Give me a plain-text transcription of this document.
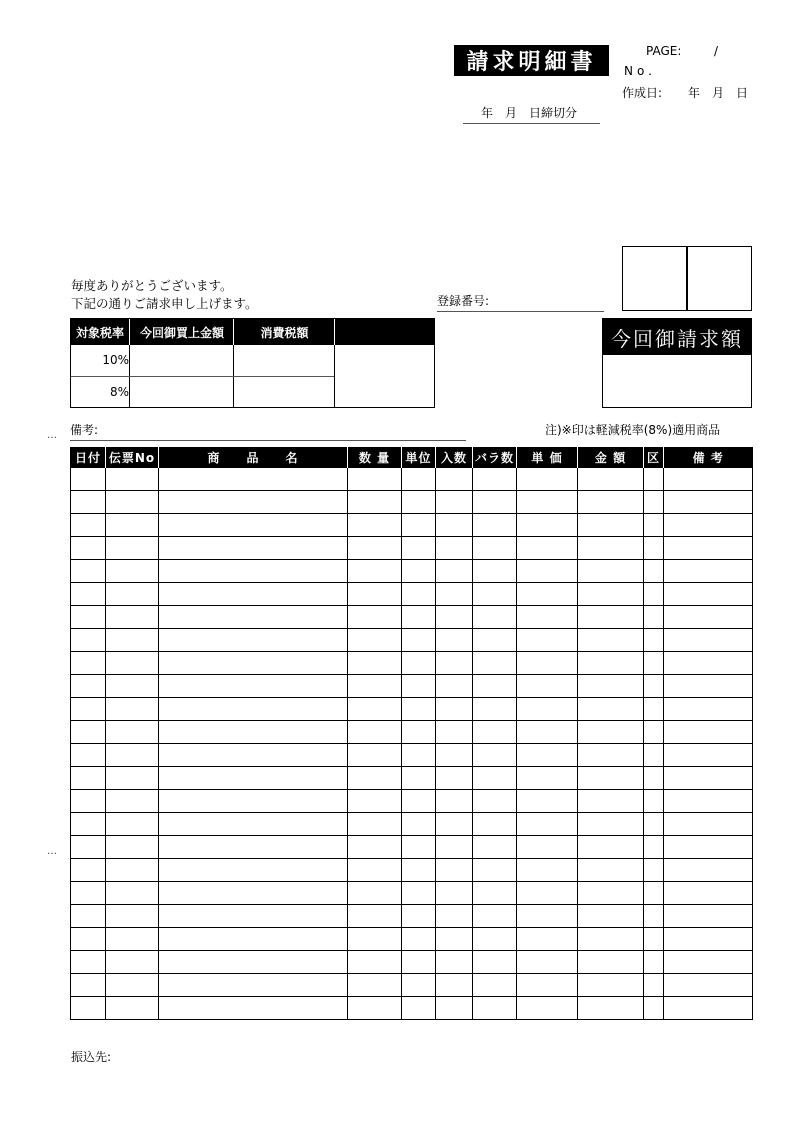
請求明細書	PAGE:	/
No.
作成日: 年　月　日
年　月　日締切分
毎度ありがとうございます。
下記の通りご請求申し上げます。	登録番号:
対象税率	今回御買上金額	消費税額
10%
8%
今回御請求額
… 備考:	注)※印は軽減税率(8%)適用商品
日付	伝票No	商　　品　　名	数 量	単位	入数	バラ数	単 価	金 額	区	備 考

…
振込先:
